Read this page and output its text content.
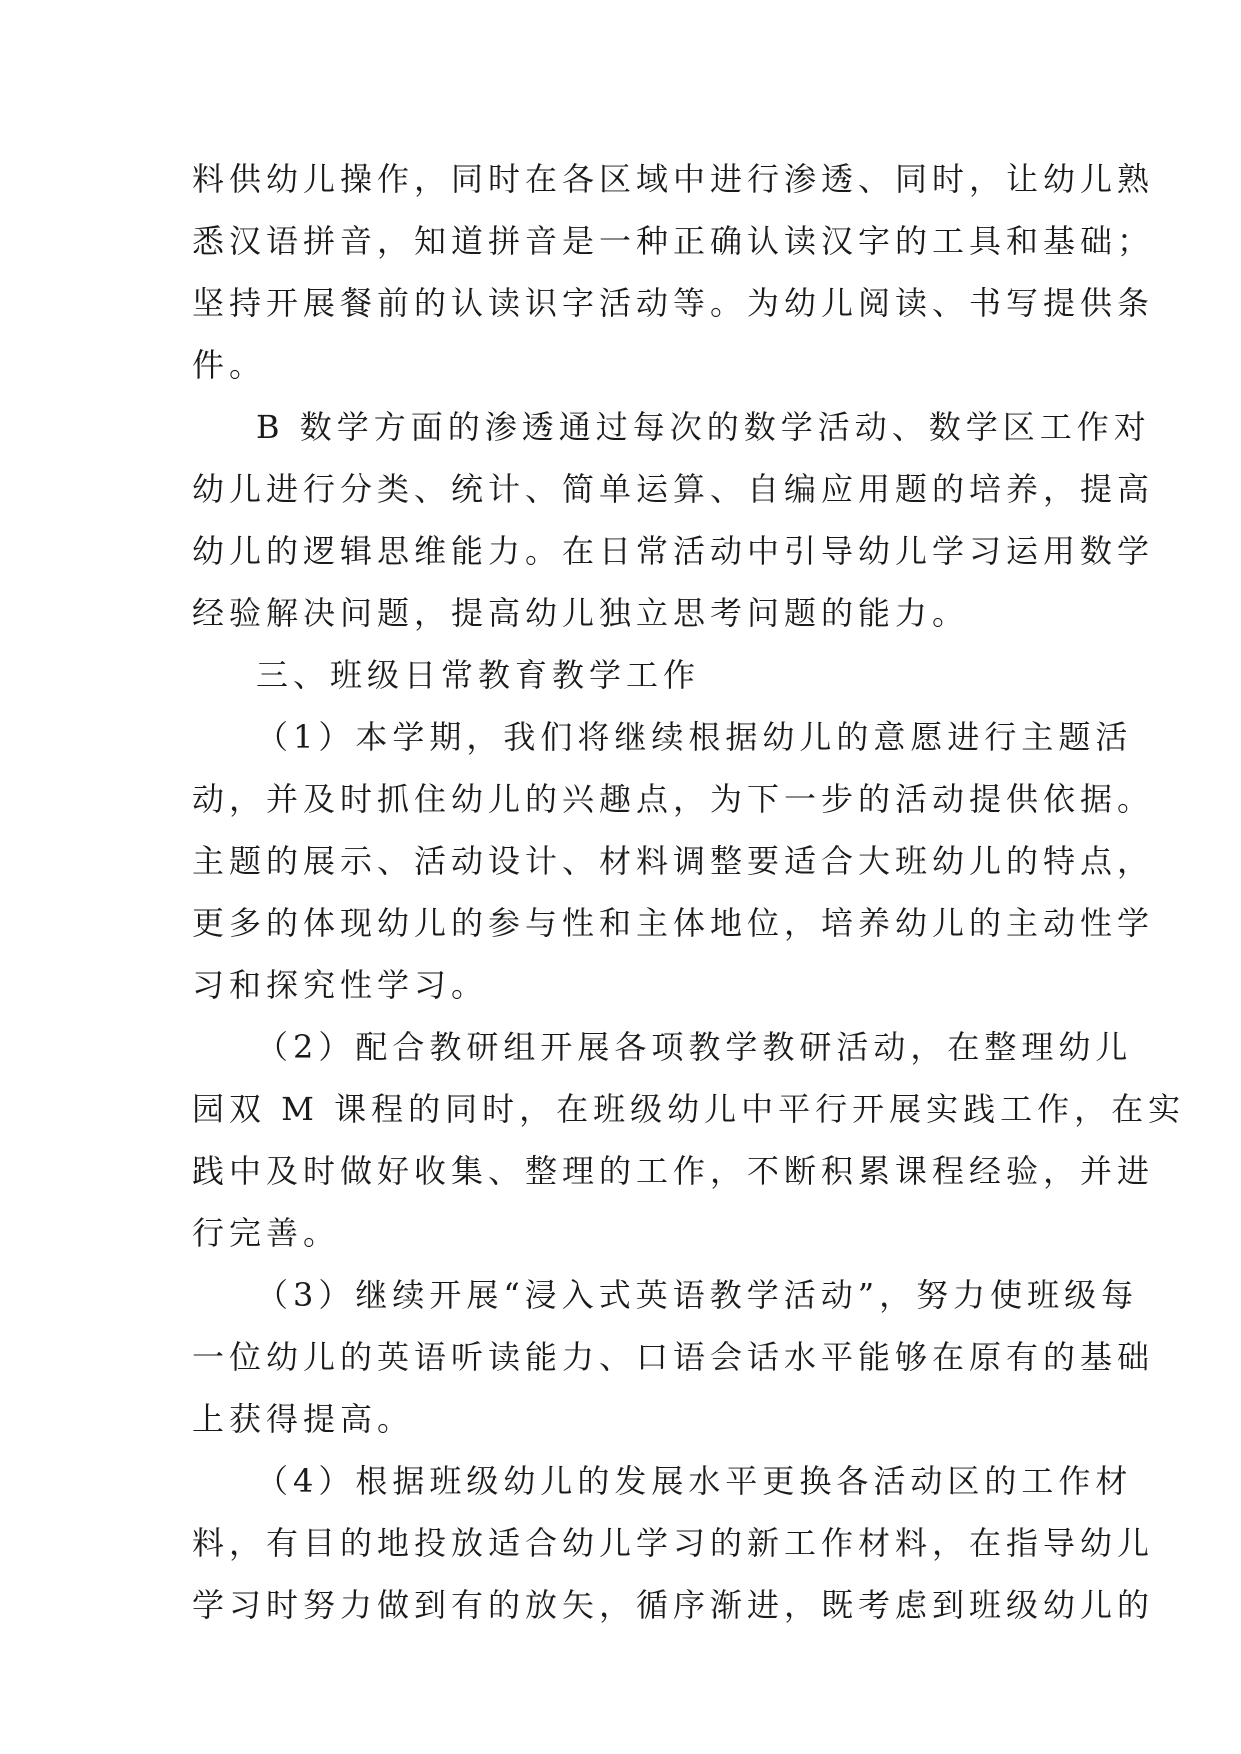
料供幼儿操作，同时在各区域中进行渗透、同时，让幼儿熟
悉汉语拼音，知道拼音是一种正确认读汉字的工具和基础；
坚持开展餐前的认读识字活动等。为幼儿阅读、书写提供条
件。
B 数学方面的渗透通过每次的数学活动、数学区工作对
幼儿进行分类、统计、简单运算、自编应用题的培养，提高
幼儿的逻辑思维能力。在日常活动中引导幼儿学习运用数学
经验解决问题，提高幼儿独立思考问题的能力。
三、班级日常教育教学工作
（1）本学期，我们将继续根据幼儿的意愿进行主题活
动，并及时抓住幼儿的兴趣点，为下一步的活动提供依据。
主题的展示、活动设计、材料调整要适合大班幼儿的特点，
更多的体现幼儿的参与性和主体地位，培养幼儿的主动性学
习和探究性学习。
（2）配合教研组开展各项教学教研活动，在整理幼儿
园双 M 课程的同时，在班级幼儿中平行开展实践工作，在实
践中及时做好收集、整理的工作，不断积累课程经验，并进
行完善。
（3）继续开展“浸入式英语教学活动”，努力使班级每
一位幼儿的英语听读能力、口语会话水平能够在原有的基础
上获得提高。
（4）根据班级幼儿的发展水平更换各活动区的工作材
料，有目的地投放适合幼儿学习的新工作材料，在指导幼儿
学习时努力做到有的放矢，循序渐进，既考虑到班级幼儿的
